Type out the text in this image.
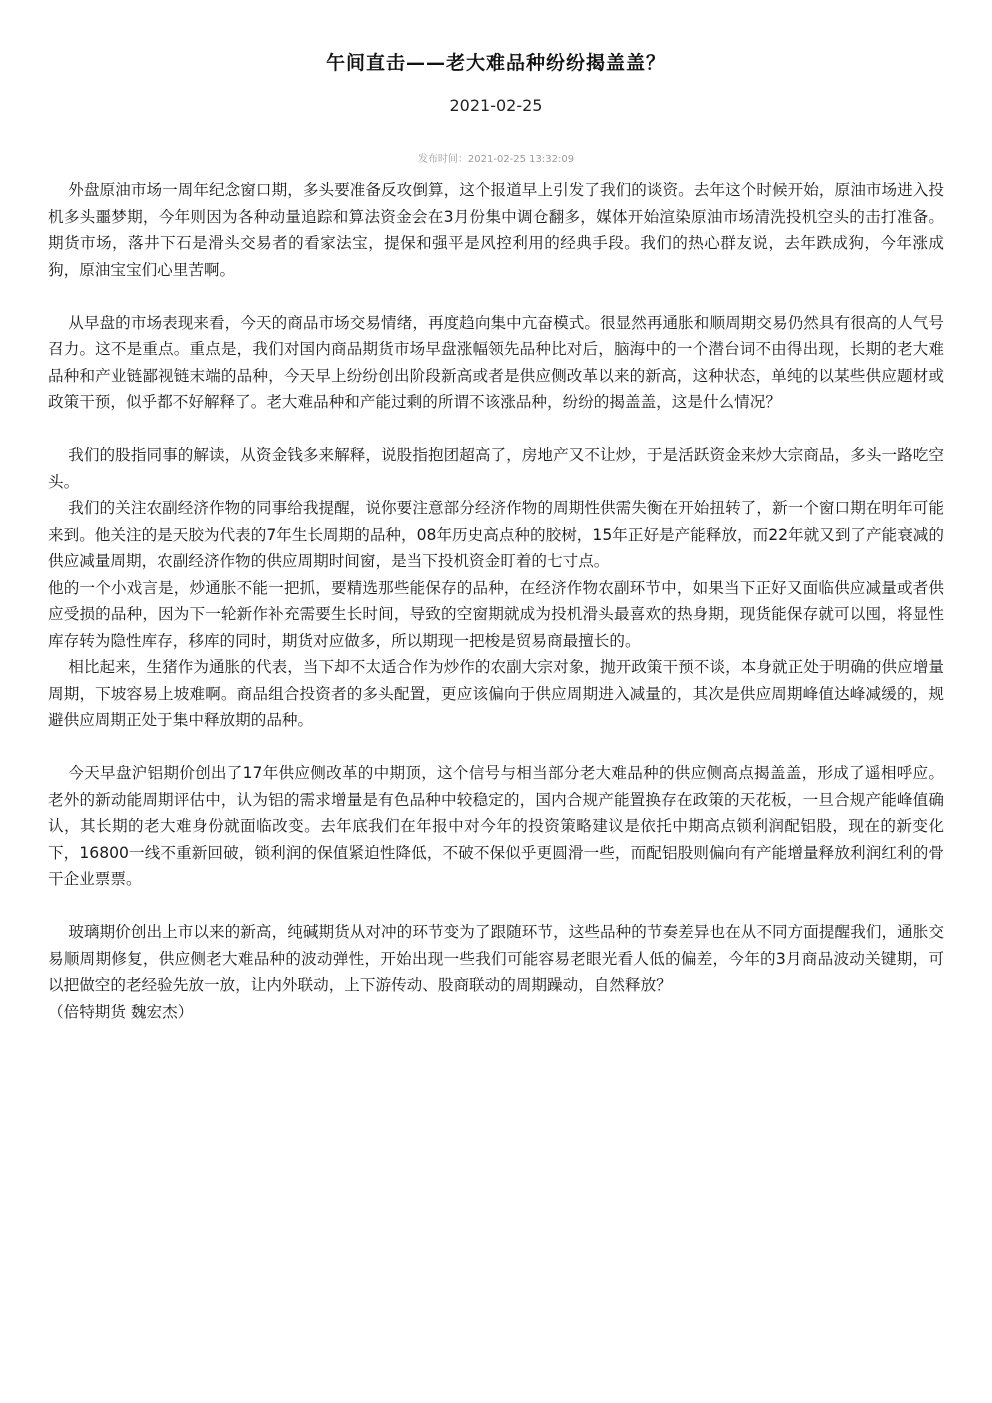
午间直击——老大难品种纷纷揭盖盖？
2021-02-25
发布时间：2021-02-25 13:32:09

外盘原油市场一周年纪念窗口期，多头要准备反攻倒算，这个报道早上引发了我们的谈资。去年这个时候开始，原油市场进入投机多头噩梦期，今年则因为各种动量追踪和算法资金会在3月份集中调仓翻多，媒体开始渲染原油市场清洗投机空头的击打准备。期货市场，落井下石是滑头交易者的看家法宝，提保和强平是风控利用的经典手段。我们的热心群友说，去年跌成狗，今年涨成狗，原油宝宝们心里苦啊。

从早盘的市场表现来看，今天的商品市场交易情绪，再度趋向集中亢奋模式。很显然再通胀和顺周期交易仍然具有很高的人气号召力。这不是重点。重点是，我们对国内商品期货市场早盘涨幅领先品种比对后，脑海中的一个潜台词不由得出现，长期的老大难品种和产业链鄙视链末端的品种，今天早上纷纷创出阶段新高或者是供应侧改革以来的新高，这种状态，单纯的以某些供应题材或政策干预，似乎都不好解释了。老大难品种和产能过剩的所谓不该涨品种，纷纷的揭盖盖，这是什么情况？

我们的股指同事的解读，从资金钱多来解释，说股指抱团超高了，房地产又不让炒，于是活跃资金来炒大宗商品，多头一路吃空头。

我们的关注农副经济作物的同事给我提醒，说你要注意部分经济作物的周期性供需失衡在开始扭转了，新一个窗口期在明年可能来到。他关注的是天胶为代表的7年生长周期的品种，08年历史高点种的胶树，15年正好是产能释放，而22年就又到了产能衰减的供应减量周期，农副经济作物的供应周期时间窗，是当下投机资金盯着的七寸点。

他的一个小戏言是，炒通胀不能一把抓，要精选那些能保存的品种，在经济作物农副环节中，如果当下正好又面临供应减量或者供应受损的品种，因为下一轮新作补充需要生长时间，导致的空窗期就成为投机滑头最喜欢的热身期，现货能保存就可以囤，将显性库存转为隐性库存，移库的同时，期货对应做多，所以期现一把梭是贸易商最擅长的。

相比起来，生猪作为通胀的代表，当下却不太适合作为炒作的农副大宗对象，抛开政策干预不谈，本身就正处于明确的供应增量周期，下坡容易上坡难啊。商品组合投资者的多头配置，更应该偏向于供应周期进入减量的，其次是供应周期峰值达峰减缓的，规避供应周期正处于集中释放期的品种。

今天早盘沪铝期价创出了17年供应侧改革的中期顶，这个信号与相当部分老大难品种的供应侧高点揭盖盖，形成了遥相呼应。老外的新动能周期评估中，认为铝的需求增量是有色品种中较稳定的，国内合规产能置换存在政策的天花板，一旦合规产能峰值确认，其长期的老大难身份就面临改变。去年底我们在年报中对今年的投资策略建议是依托中期高点锁利润配铝股，现在的新变化下，16800一线不重新回破，锁利润的保值紧迫性降低，不破不保似乎更圆滑一些，而配铝股则偏向有产能增量释放利润红利的骨干企业票票。

玻璃期价创出上市以来的新高，纯碱期货从对冲的环节变为了跟随环节，这些品种的节奏差异也在从不同方面提醒我们，通胀交易顺周期修复，供应侧老大难品种的波动弹性，开始出现一些我们可能容易老眼光看人低的偏差，今年的3月商品波动关键期，可以把做空的老经验先放一放，让内外联动，上下游传动、股商联动的周期躁动，自然释放？

（倍特期货 魏宏杰）
